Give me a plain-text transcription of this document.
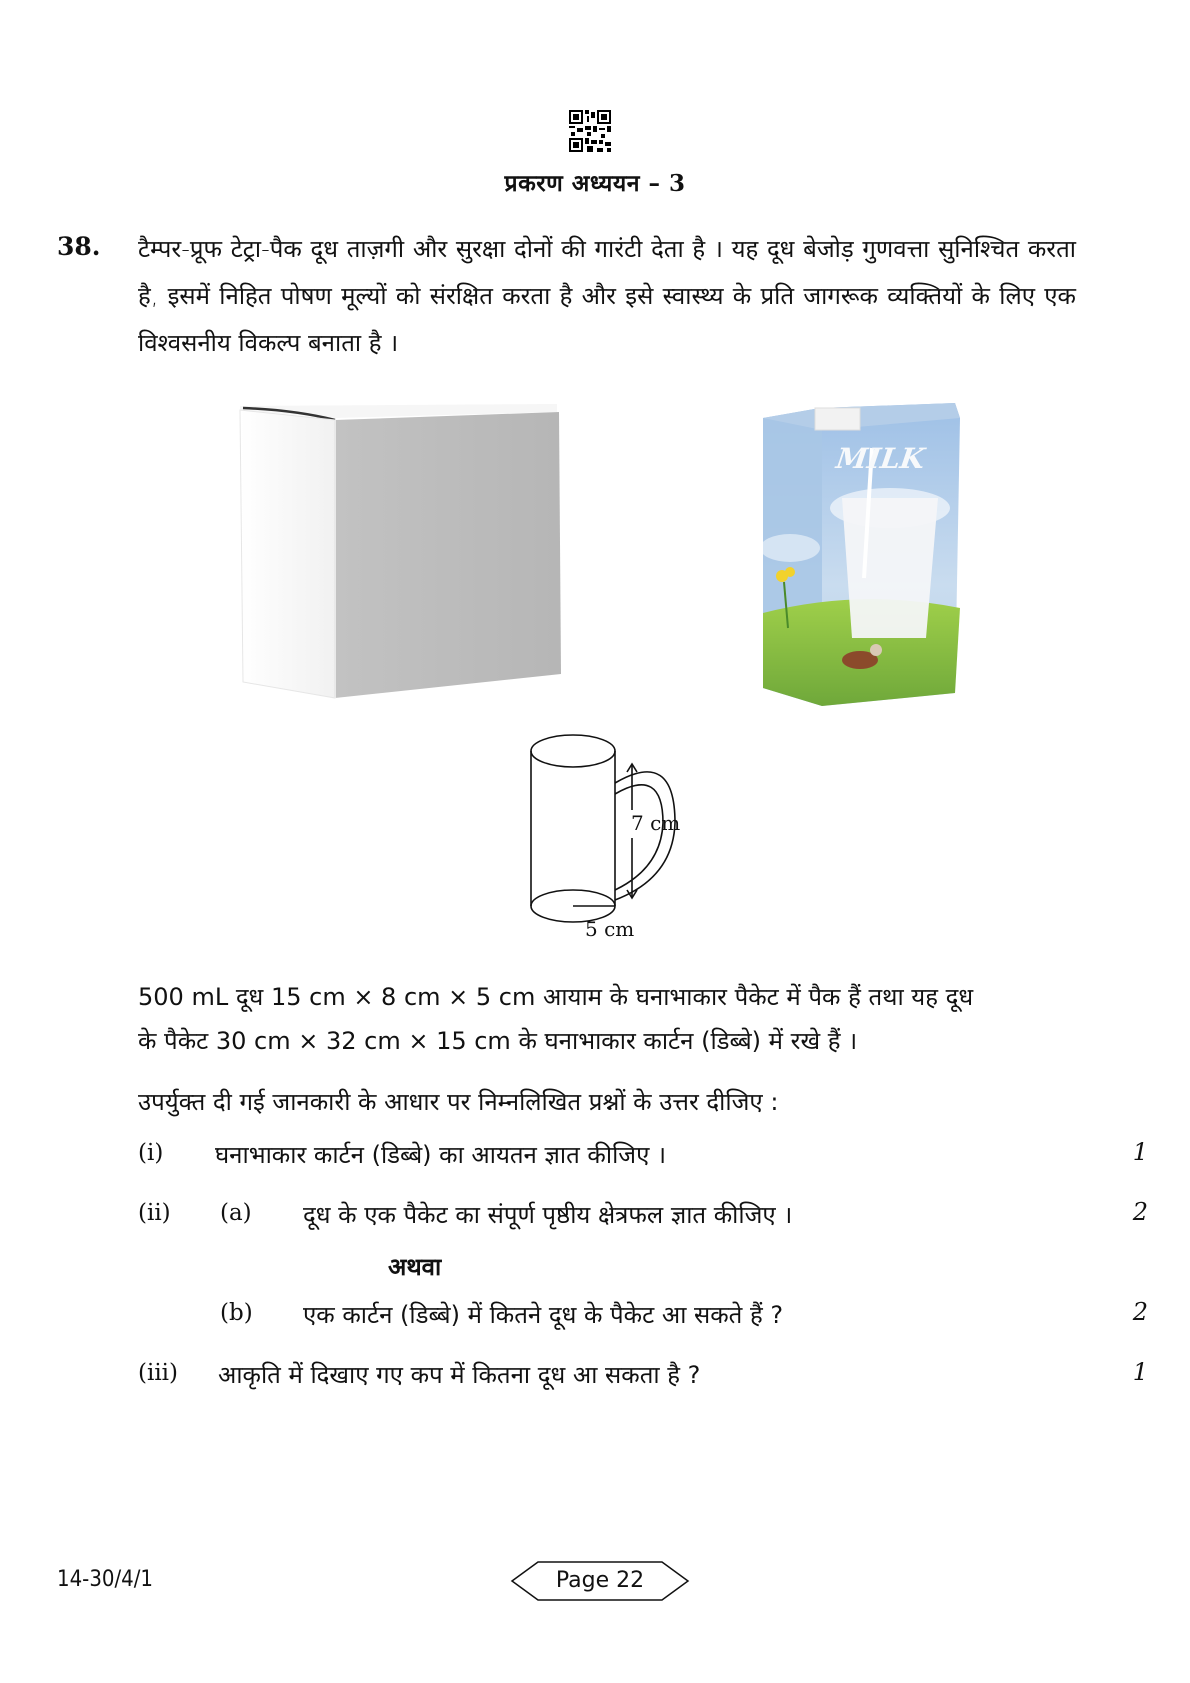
प्रकरण अध्ययन – 3
38. टैम्पर-प्रूफ टेट्रा-पैक दूध ताज़गी और सुरक्षा दोनों की गारंटी देता है । यह दूध बेजोड़ गुणवत्ता सुनिश्चित करता है, इसमें निहित पोषण मूल्यों को संरक्षित करता है और इसे स्वास्थ्य के प्रति जागरूक व्यक्तियों के लिए एक विश्वसनीय विकल्प बनाता है ।
MILK
7 cm
5 cm
500 mL दूध 15 cm × 8 cm × 5 cm आयाम के घनाभाकार पैकेट में पैक हैं तथा यह दूध
के पैकेट 30 cm × 32 cm × 15 cm के घनाभाकार कार्टन (डिब्बे) में रखे हैं ।
उपर्युक्त दी गई जानकारी के आधार पर निम्नलिखित प्रश्नों के उत्तर दीजिए :
(i) घनाभाकार कार्टन (डिब्बे) का आयतन ज्ञात कीजिए ।	1
(ii) (a) दूध के एक पैकेट का संपूर्ण पृष्ठीय क्षेत्रफल ज्ञात कीजिए ।	2
अथवा
(b) एक कार्टन (डिब्बे) में कितने दूध के पैकेट आ सकते हैं ?	2
(iii) आकृति में दिखाए गए कप में कितना दूध आ सकता है ?	1
14-30/4/1	Page 22
